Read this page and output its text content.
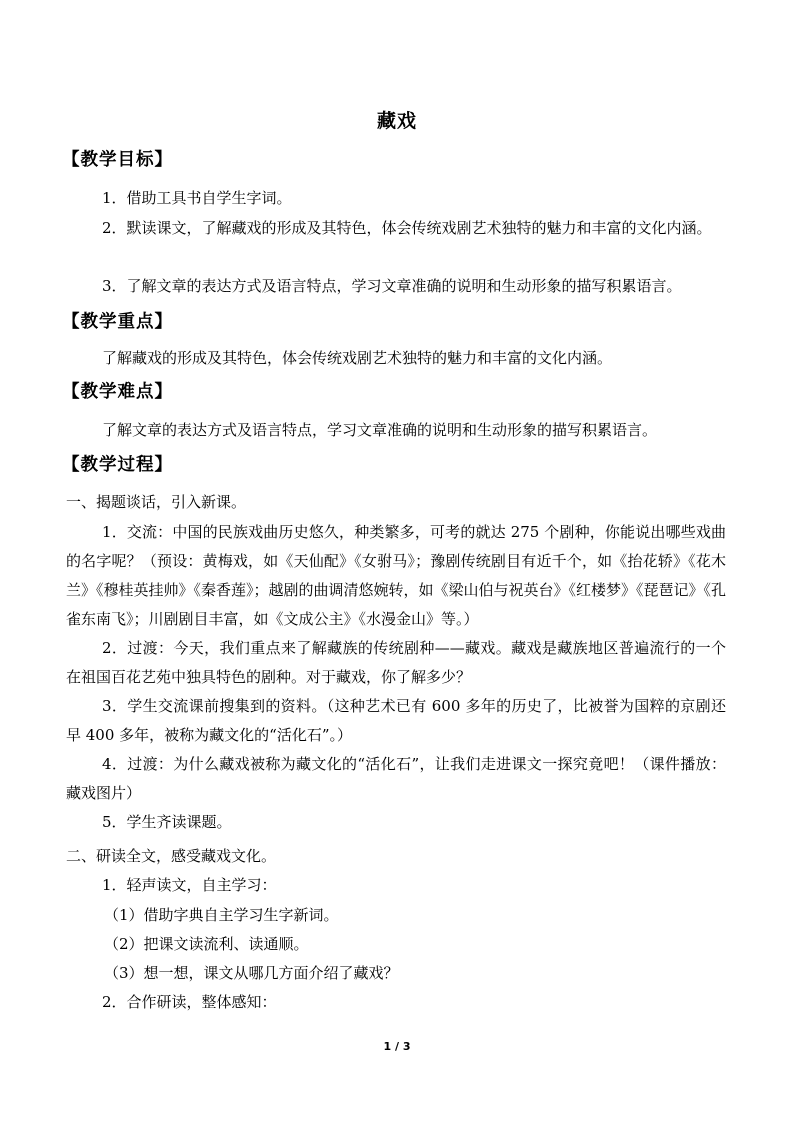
藏戏
【教学目标】
1．借助工具书自学生字词。
2．默读课文，了解藏戏的形成及其特色，体会传统戏剧艺术独特的魅力和丰富的文化内涵。
3．了解文章的表达方式及语言特点，学习文章准确的说明和生动形象的描写积累语言。
【教学重点】
了解藏戏的形成及其特色，体会传统戏剧艺术独特的魅力和丰富的文化内涵。
【教学难点】
了解文章的表达方式及语言特点，学习文章准确的说明和生动形象的描写积累语言。
【教学过程】
一、揭题谈话，引入新课。
1．交流：中国的民族戏曲历史悠久，种类繁多，可考的就达 275 个剧种，你能说出哪些戏曲的名字呢？（预设：黄梅戏，如《天仙配》《女驸马》；豫剧传统剧目有近千个，如《抬花轿》《花木兰》《穆桂英挂帅》《秦香莲》；越剧的曲调清悠婉转，如《梁山伯与祝英台》《红楼梦》《琵琶记》《孔雀东南飞》；川剧剧目丰富，如《文成公主》《水漫金山》等。）
2．过渡：今天，我们重点来了解藏族的传统剧种——藏戏。藏戏是藏族地区普遍流行的一个在祖国百花艺苑中独具特色的剧种。对于藏戏，你了解多少？
3．学生交流课前搜集到的资料。（这种艺术已有 600 多年的历史了，比被誉为国粹的京剧还早 400 多年，被称为藏文化的“活化石”。）
4．过渡：为什么藏戏被称为藏文化的“活化石”，让我们走进课文一探究竟吧！（课件播放：藏戏图片）
5．学生齐读课题。
二、研读全文，感受藏戏文化。
1．轻声读文，自主学习：
（1）借助字典自主学习生字新词。
（2）把课文读流利、读通顺。
（3）想一想，课文从哪几方面介绍了藏戏？
2．合作研读，整体感知：
1 / 3
